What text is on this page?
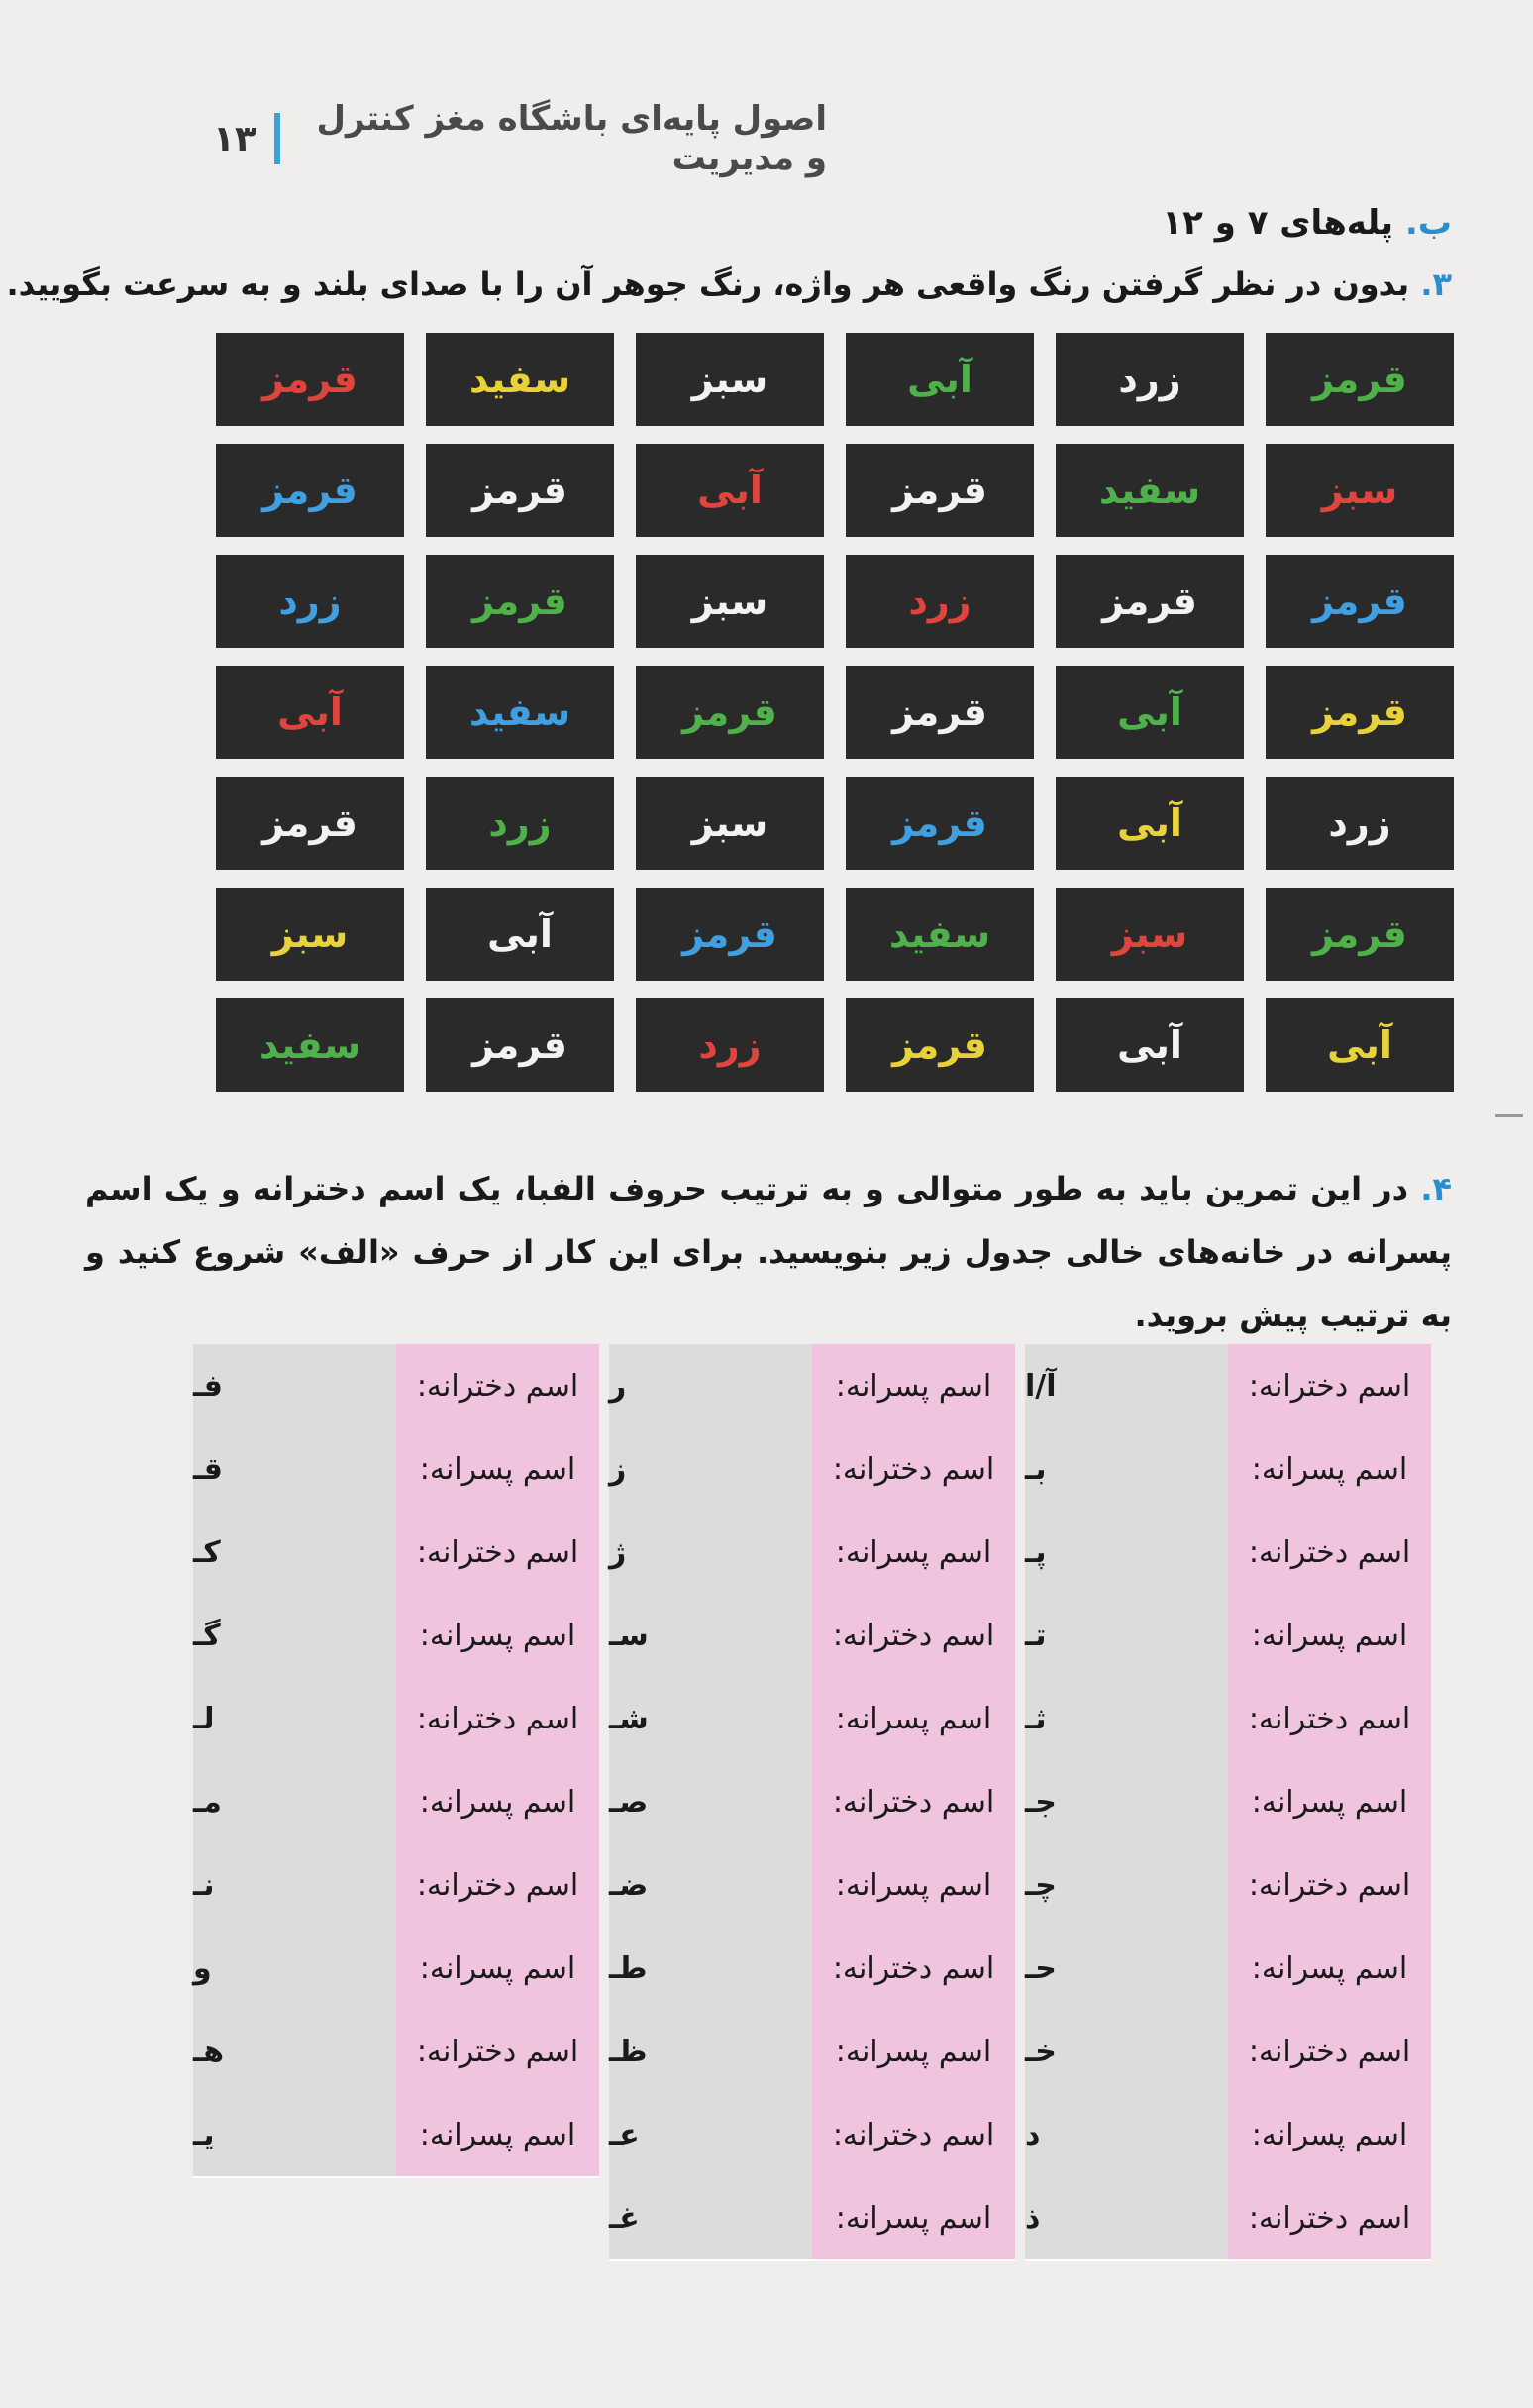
۱۳	اصول پایه‌ای باشگاه مغز کنترل و مدیریت
ب. پله‌های ۷ و ۱۲
۳. بدون در نظر گرفتن رنگ واقعی هر واژه، رنگ جوهر آن را با صدای بلند و به سرعت بگویید.
قرمز
زرد
آبی
سبز
سفید
قرمز
سبز
سفید
قرمز
آبی
قرمز
قرمز
قرمز
قرمز
زرد
سبز
قرمز
زرد
قرمز
آبی
قرمز
قرمز
سفید
آبی
زرد
آبی
قرمز
سبز
زرد
قرمز
قرمز
سبز
سفید
قرمز
آبی
سبز
آبی
آبی
قرمز
زرد
قرمز
سفید
۴. در این تمرین باید به طور متوالی و به ترتیب حروف الفبا، یک اسم دخترانه و یک اسم پسرانه در خانه‌های خالی جدول زیر بنویسید. برای این کار از حرف «الف» شروع کنید و به ترتیب پیش بروید.
اسم دخترانه:
آ/ا
اسم پسرانه:
بـ
اسم دخترانه:
پـ
اسم پسرانه:
تـ
اسم دخترانه:
ثـ
اسم پسرانه:
جـ
اسم دخترانه:
چـ
اسم پسرانه:
حـ
اسم دخترانه:
خـ
اسم پسرانه:
د
اسم دخترانه:
ذ
اسم پسرانه:
ر
اسم دخترانه:
ز
اسم پسرانه:
ژ
اسم دخترانه:
سـ
اسم پسرانه:
شـ
اسم دخترانه:
صـ
اسم پسرانه:
ضـ
اسم دخترانه:
طـ
اسم پسرانه:
ظـ
اسم دخترانه:
عـ
اسم پسرانه:
غـ
اسم دخترانه:
فـ
اسم پسرانه:
قـ
اسم دخترانه:
کـ
اسم پسرانه:
گـ
اسم دخترانه:
لـ
اسم پسرانه:
مـ
اسم دخترانه:
نـ
اسم پسرانه:
و
اسم دخترانه:
هـ
اسم پسرانه:
یـ
